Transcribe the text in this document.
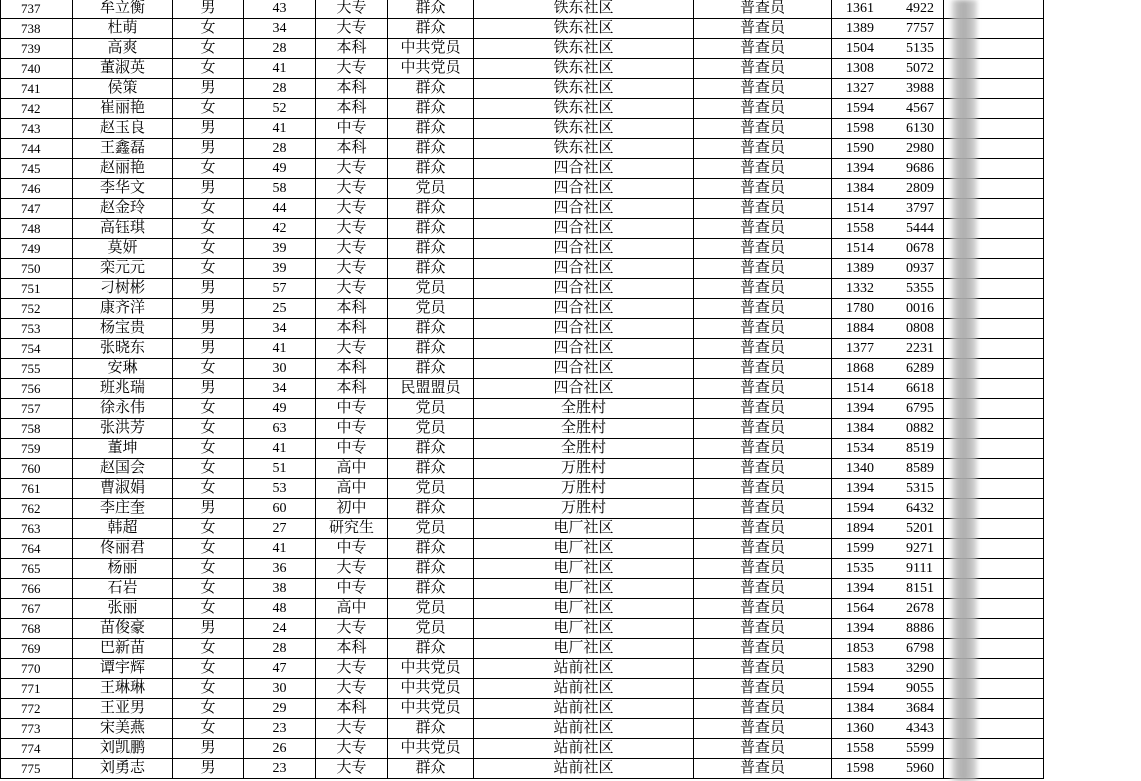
737	牟立衡	男	43	大专	群众	铁东社区	普查员	1361 4922	
738	杜萌	女	34	大专	群众	铁东社区	普查员	1389 7757	
739	高爽	女	28	本科	中共党员	铁东社区	普查员	1504 5135	
740	董淑英	女	41	大专	中共党员	铁东社区	普查员	1308 5072	
741	侯策	男	28	本科	群众	铁东社区	普查员	1327 3988	
742	崔丽艳	女	52	本科	群众	铁东社区	普查员	1594 4567	
743	赵玉良	男	41	中专	群众	铁东社区	普查员	1598 6130	
744	王鑫磊	男	28	本科	群众	铁东社区	普查员	1590 2980	
745	赵丽艳	女	49	大专	群众	四合社区	普查员	1394 9686	
746	李华文	男	58	大专	党员	四合社区	普查员	1384 2809	
747	赵金玲	女	44	大专	群众	四合社区	普查员	1514 3797	
748	高钰琪	女	42	大专	群众	四合社区	普查员	1558 5444	
749	莫妍	女	39	大专	群众	四合社区	普查员	1514 0678	
750	栾元元	女	39	大专	群众	四合社区	普查员	1389 0937	
751	刁树彬	男	57	大专	党员	四合社区	普查员	1332 5355	
752	康齐洋	男	25	本科	党员	四合社区	普查员	1780 0016	
753	杨宝贵	男	34	本科	群众	四合社区	普查员	1884 0808	
754	张晓东	男	41	大专	群众	四合社区	普查员	1377 2231	
755	安琳	女	30	本科	群众	四合社区	普查员	1868 6289	
756	班兆瑞	男	34	本科	民盟盟员	四合社区	普查员	1514 6618	
757	徐永伟	女	49	中专	党员	全胜村	普查员	1394 6795	
758	张洪芳	女	63	中专	党员	全胜村	普查员	1384 0882	
759	董坤	女	41	中专	群众	全胜村	普查员	1534 8519	
760	赵国会	女	51	高中	群众	万胜村	普查员	1340 8589	
761	曹淑娟	女	53	高中	党员	万胜村	普查员	1394 5315	
762	李庄奎	男	60	初中	群众	万胜村	普查员	1594 6432	
763	韩超	女	27	研究生	党员	电厂社区	普查员	1894 5201	
764	佟丽君	女	41	中专	群众	电厂社区	普查员	1599 9271	
765	杨丽	女	36	大专	群众	电厂社区	普查员	1535 9111	
766	石岩	女	38	中专	群众	电厂社区	普查员	1394 8151	
767	张丽	女	48	高中	党员	电厂社区	普查员	1564 2678	
768	苗俊豪	男	24	大专	党员	电厂社区	普查员	1394 8886	
769	巴新苗	女	28	本科	群众	电厂社区	普查员	1853 6798	
770	谭宇辉	女	47	大专	中共党员	站前社区	普查员	1583 3290	
771	王琳琳	女	30	大专	中共党员	站前社区	普查员	1594 9055	
772	王亚男	女	29	本科	中共党员	站前社区	普查员	1384 3684	
773	宋美燕	女	23	大专	群众	站前社区	普查员	1360 4343	
774	刘凯鹏	男	26	大专	中共党员	站前社区	普查员	1558 5599	
775	刘勇志	男	23	大专	群众	站前社区	普查员	1598 5960	
